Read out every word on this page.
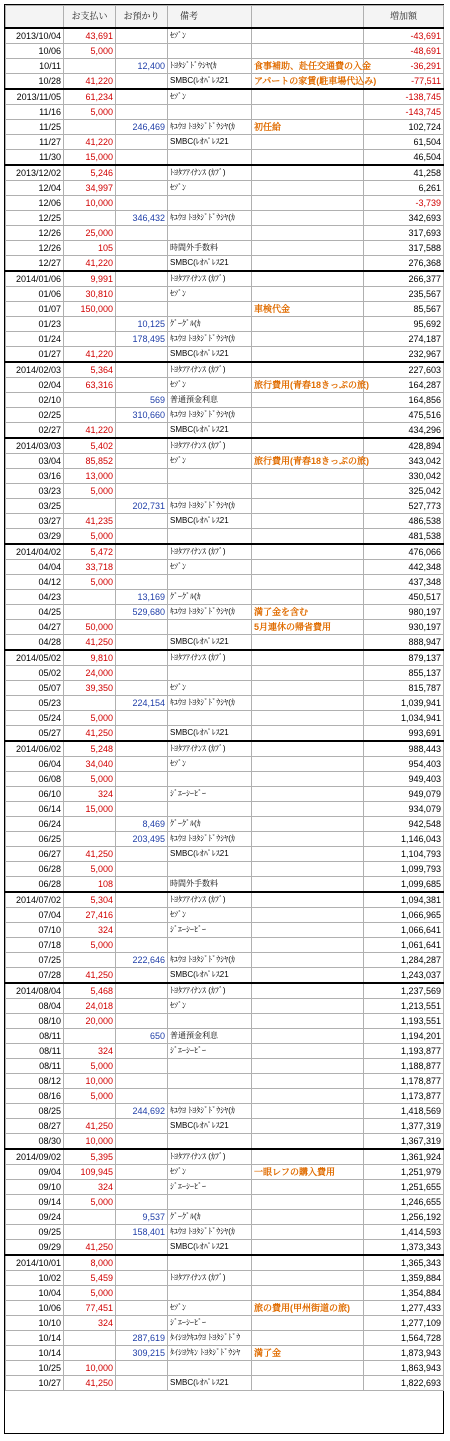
	お支払い	お預かり	備考		増加額
2013/10/04	43,691		ｾｿﾞﾝ		-43,691
10/06	5,000				-48,691
10/11		12,400	ﾄﾖﾀｼﾞﾄﾞｳｼﾔ(ｶ	食事補助、赴任交通費の入金	-36,291
10/28	41,220		SMBC(ﾚｵﾊﾟﾚｽ21	アパートの家賃(駐車場代込み)	-77,511
2013/11/05	61,234		ｾｿﾞﾝ		-138,745
11/16	5,000				-143,745
11/25		246,469	ｷﾕｳﾖ ﾄﾖﾀｼﾞﾄﾞｳｼﾔ(ｶ	初任給	102,724
11/27	41,220		SMBC(ﾚｵﾊﾟﾚｽ21		61,504
11/30	15,000				46,504
2013/12/02	5,246		ﾄﾖﾀﾌｱｲﾅﾝｽ (ｶﾌﾞ)		41,258
12/04	34,997		ｾｿﾞﾝ		6,261
12/06	10,000				-3,739
12/25		346,432	ｷﾕｳﾖ ﾄﾖﾀｼﾞﾄﾞｳｼﾔ(ｶ		342,693
12/26	25,000				317,693
12/26	105		時間外手数料		317,588
12/27	41,220		SMBC(ﾚｵﾊﾟﾚｽ21		276,368
2014/01/06	9,991		ﾄﾖﾀﾌｱｲﾅﾝｽ (ｶﾌﾞ)		266,377
01/06	30,810		ｾｿﾞﾝ		235,567
01/07	150,000			車検代金	85,567
01/23		10,125	ｸﾞｰｸﾞﾙ(ｶ		95,692
01/24		178,495	ｷﾕｳﾖ ﾄﾖﾀｼﾞﾄﾞｳｼﾔ(ｶ		274,187
01/27	41,220		SMBC(ﾚｵﾊﾟﾚｽ21		232,967
2014/02/03	5,364		ﾄﾖﾀﾌｱｲﾅﾝｽ (ｶﾌﾞ)		227,603
02/04	63,316		ｾｿﾞﾝ	旅行費用(青春18きっぷの旅)	164,287
02/10		569	普通預金利息		164,856
02/25		310,660	ｷﾕｳﾖ ﾄﾖﾀｼﾞﾄﾞｳｼﾔ(ｶ		475,516
02/27	41,220		SMBC(ﾚｵﾊﾟﾚｽ21		434,296
2014/03/03	5,402		ﾄﾖﾀﾌｱｲﾅﾝｽ (ｶﾌﾞ)		428,894
03/04	85,852		ｾｿﾞﾝ	旅行費用(青春18きっぷの旅)	343,042
03/16	13,000				330,042
03/23	5,000				325,042
03/25		202,731	ｷﾕｳﾖ ﾄﾖﾀｼﾞﾄﾞｳｼﾔ(ｶ		527,773
03/27	41,235		SMBC(ﾚｵﾊﾟﾚｽ21		486,538
03/29	5,000				481,538
2014/04/02	5,472		ﾄﾖﾀﾌｱｲﾅﾝｽ (ｶﾌﾞ)		476,066
04/04	33,718		ｾｿﾞﾝ		442,348
04/12	5,000				437,348
04/23		13,169	ｸﾞｰｸﾞﾙ(ｶ		450,517
04/25		529,680	ｷﾕｳﾖ ﾄﾖﾀｼﾞﾄﾞｳｼﾔ(ｶ	満了金を含む	980,197
04/27	50,000			5月連休の帰省費用	930,197
04/28	41,250		SMBC(ﾚｵﾊﾟﾚｽ21		888,947
2014/05/02	9,810		ﾄﾖﾀﾌｱｲﾅﾝｽ (ｶﾌﾞ)		879,137
05/02	24,000				855,137
05/07	39,350		ｾｿﾞﾝ		815,787
05/23		224,154	ｷﾕｳﾖ ﾄﾖﾀｼﾞﾄﾞｳｼﾔ(ｶ		1,039,941
05/24	5,000				1,034,941
05/27	41,250		SMBC(ﾚｵﾊﾟﾚｽ21		993,691
2014/06/02	5,248		ﾄﾖﾀﾌｱｲﾅﾝｽ (ｶﾌﾞ)		988,443
06/04	34,040		ｾｿﾞﾝ		954,403
06/08	5,000				949,403
06/10	324		ｼﾞｴｰｼｰﾋﾞｰ		949,079
06/14	15,000				934,079
06/24		8,469	ｸﾞｰｸﾞﾙ(ｶ		942,548
06/25		203,495	ｷﾕｳﾖ ﾄﾖﾀｼﾞﾄﾞｳｼﾔ(ｶ		1,146,043
06/27	41,250		SMBC(ﾚｵﾊﾟﾚｽ21		1,104,793
06/28	5,000				1,099,793
06/28	108		時間外手数料		1,099,685
2014/07/02	5,304		ﾄﾖﾀﾌｱｲﾅﾝｽ (ｶﾌﾞ)		1,094,381
07/04	27,416		ｾｿﾞﾝ		1,066,965
07/10	324		ｼﾞｴｰｼｰﾋﾞｰ		1,066,641
07/18	5,000				1,061,641
07/25		222,646	ｷﾕｳﾖ ﾄﾖﾀｼﾞﾄﾞｳｼﾔ(ｶ		1,284,287
07/28	41,250		SMBC(ﾚｵﾊﾟﾚｽ21		1,243,037
2014/08/04	5,468		ﾄﾖﾀﾌｱｲﾅﾝｽ (ｶﾌﾞ)		1,237,569
08/04	24,018		ｾｿﾞﾝ		1,213,551
08/10	20,000				1,193,551
08/11		650	普通預金利息		1,194,201
08/11	324		ｼﾞｴｰｼｰﾋﾞｰ		1,193,877
08/11	5,000				1,188,877
08/12	10,000				1,178,877
08/16	5,000				1,173,877
08/25		244,692	ｷﾕｳﾖ ﾄﾖﾀｼﾞﾄﾞｳｼﾔ(ｶ		1,418,569
08/27	41,250		SMBC(ﾚｵﾊﾟﾚｽ21		1,377,319
08/30	10,000				1,367,319
2014/09/02	5,395		ﾄﾖﾀﾌｱｲﾅﾝｽ (ｶﾌﾞ)		1,361,924
09/04	109,945		ｾｿﾞﾝ	一眼レフの購入費用	1,251,979
09/10	324		ｼﾞｴｰｼｰﾋﾞｰ		1,251,655
09/14	5,000				1,246,655
09/24		9,537	ｸﾞｰｸﾞﾙ(ｶ		1,256,192
09/25		158,401	ｷﾕｳﾖ ﾄﾖﾀｼﾞﾄﾞｳｼﾔ(ｶ		1,414,593
09/29	41,250		SMBC(ﾚｵﾊﾟﾚｽ21		1,373,343
2014/10/01	8,000				1,365,343
10/02	5,459		ﾄﾖﾀﾌｱｲﾅﾝｽ (ｶﾌﾞ)		1,359,884
10/04	5,000				1,354,884
10/06	77,451		ｾｿﾞﾝ	旅の費用(甲州街道の旅)	1,277,433
10/10	324		ｼﾞｴｰｼｰﾋﾞｰ		1,277,109
10/14		287,619	ﾀｲｼﾖｸｷﾕｳﾖ ﾄﾖﾀｼﾞﾄﾞｳ		1,564,728
10/14		309,215	ﾀｲｼﾖｸｷﾝ ﾄﾖﾀｼﾞﾄﾞｳｼﾔ	満了金	1,873,943
10/25	10,000				1,863,943
10/27	41,250		SMBC(ﾚｵﾊﾟﾚｽ21		1,822,693
